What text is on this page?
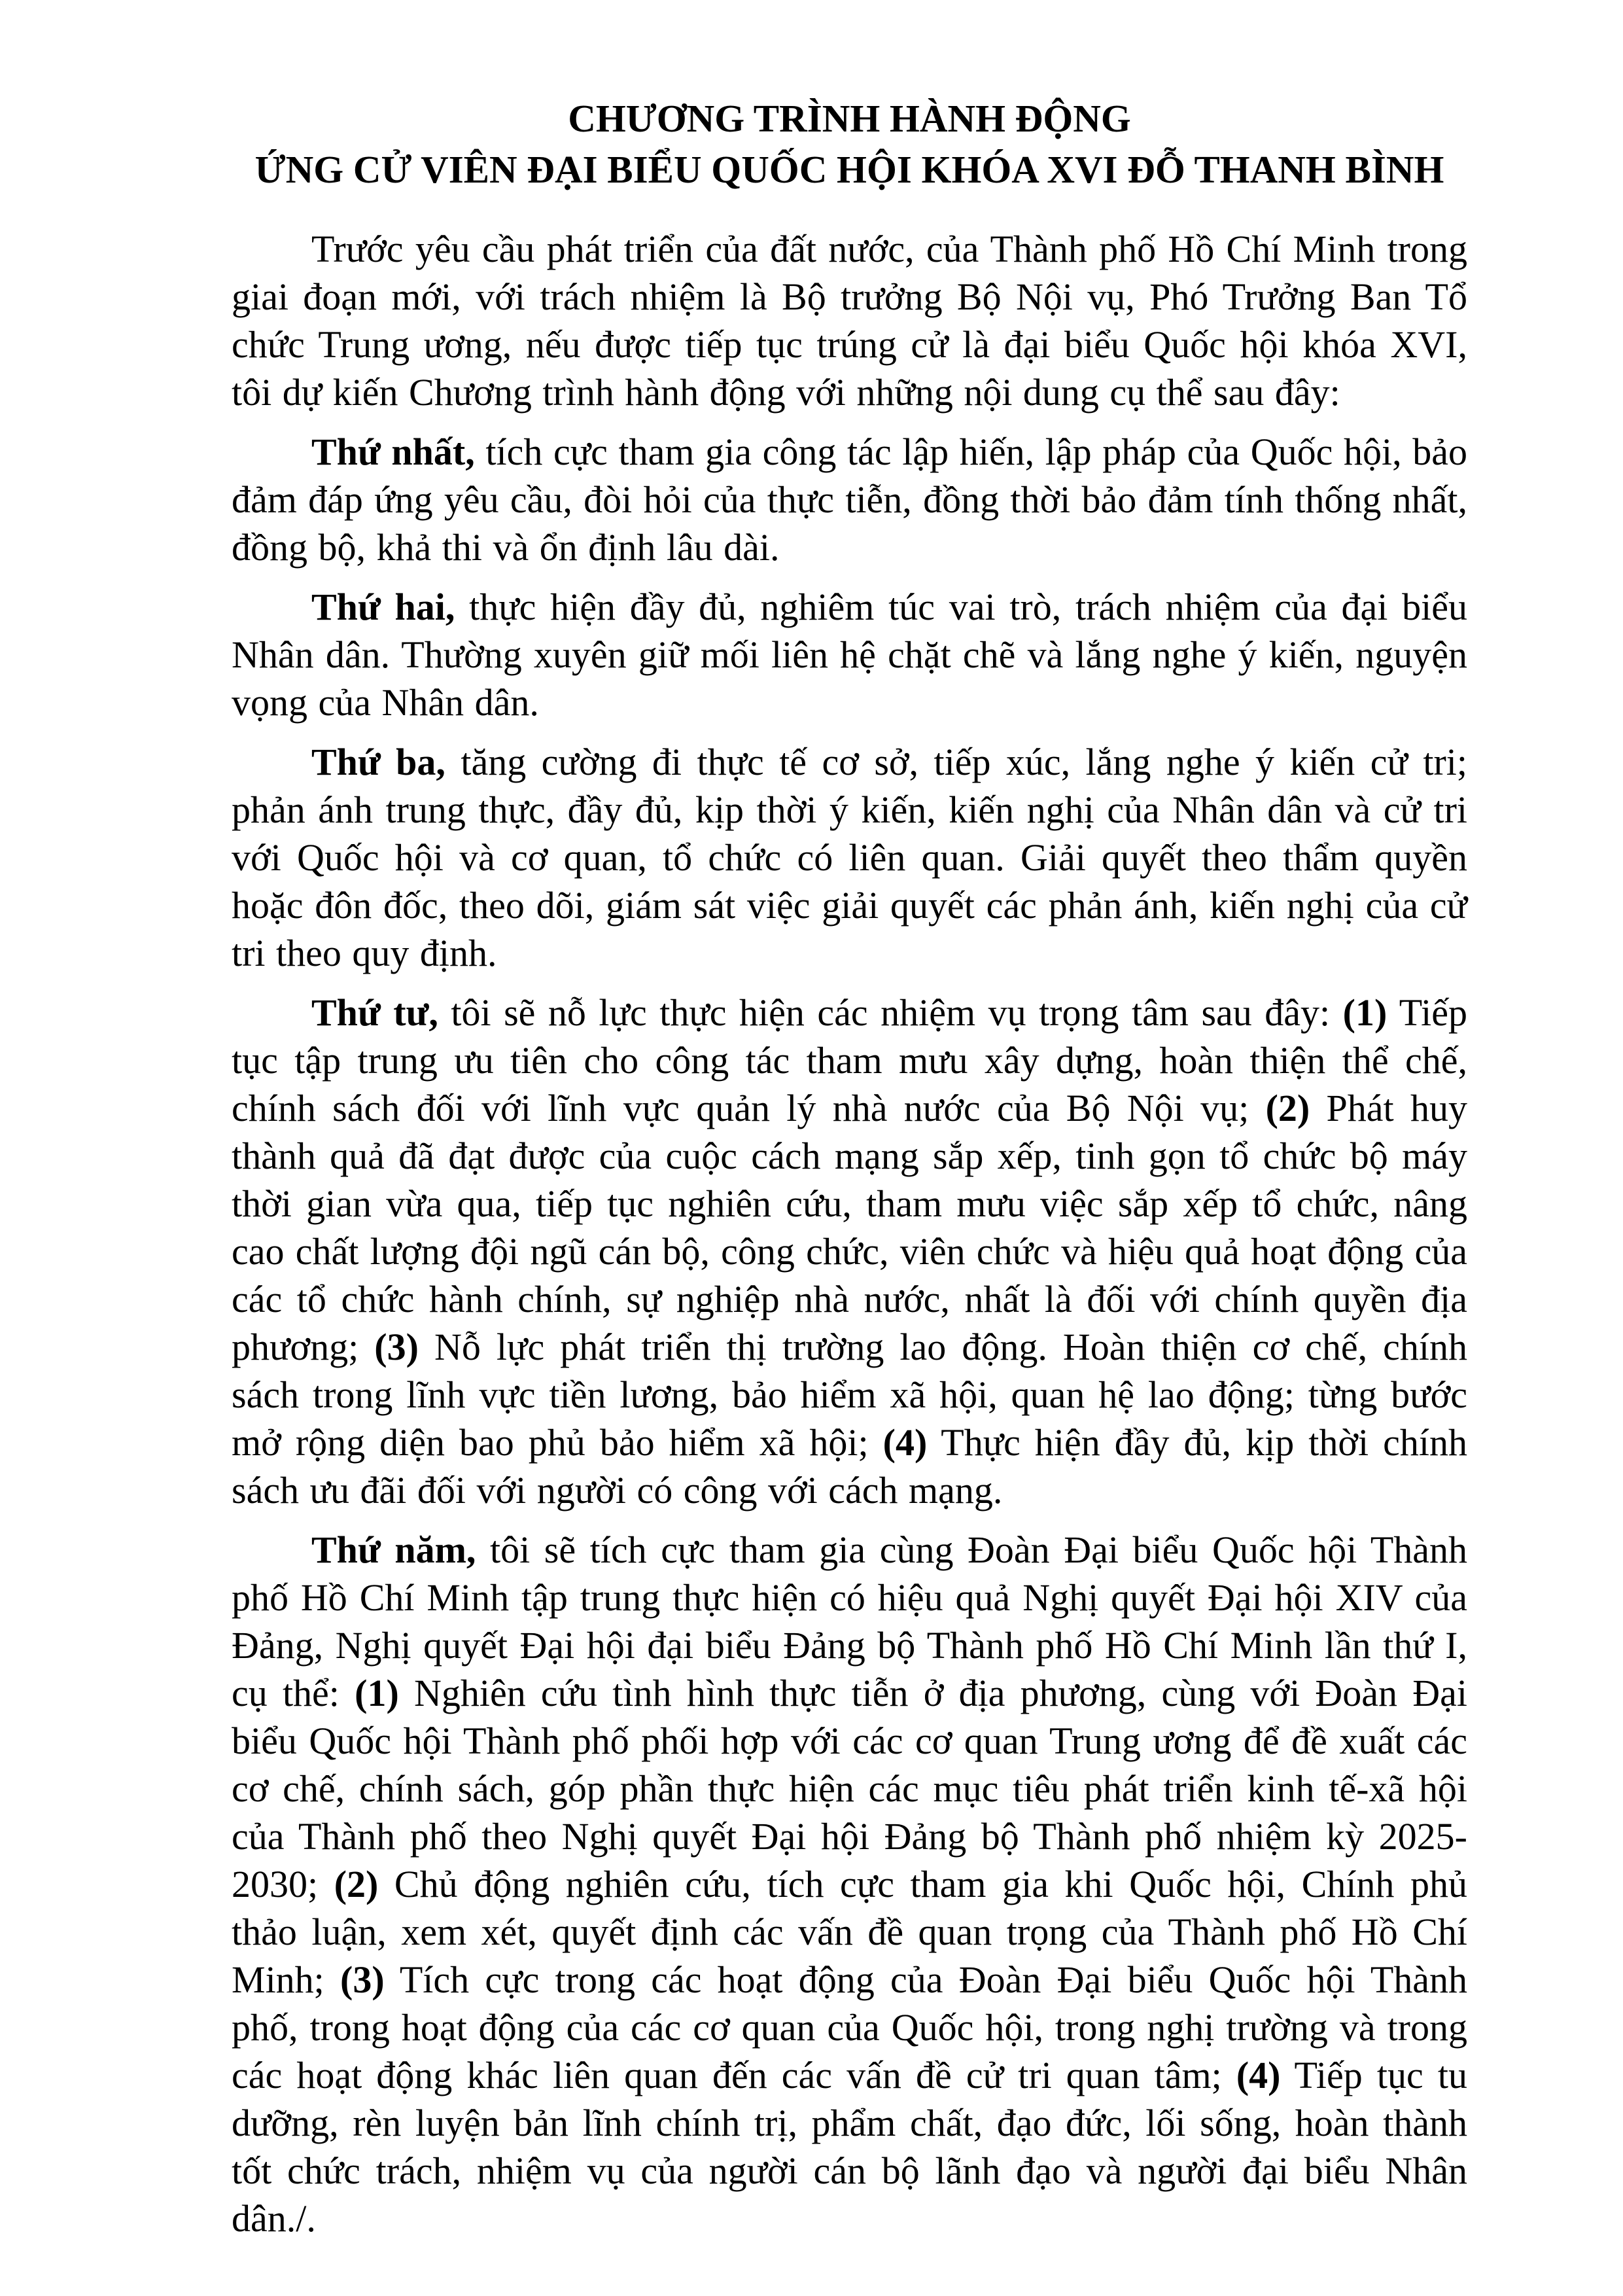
CHƯƠNG TRÌNH HÀNH ĐỘNG
ỨNG CỬ VIÊN ĐẠI BIỂU QUỐC HỘI KHÓA XVI ĐỖ THANH BÌNH

Trước yêu cầu phát triển của đất nước, của Thành phố Hồ Chí Minh trong giai đoạn mới, với trách nhiệm là Bộ trưởng Bộ Nội vụ, Phó Trưởng Ban Tổ chức Trung ương, nếu được tiếp tục trúng cử là đại biểu Quốc hội khóa XVI, tôi dự kiến Chương trình hành động với những nội dung cụ thể sau đây:

Thứ nhất, tích cực tham gia công tác lập hiến, lập pháp của Quốc hội, bảo đảm đáp ứng yêu cầu, đòi hỏi của thực tiễn, đồng thời bảo đảm tính thống nhất, đồng bộ, khả thi và ổn định lâu dài.

Thứ hai, thực hiện đầy đủ, nghiêm túc vai trò, trách nhiệm của đại biểu Nhân dân. Thường xuyên giữ mối liên hệ chặt chẽ và lắng nghe ý kiến, nguyện vọng của Nhân dân.

Thứ ba, tăng cường đi thực tế cơ sở, tiếp xúc, lắng nghe ý kiến cử tri; phản ánh trung thực, đầy đủ, kịp thời ý kiến, kiến nghị của Nhân dân và cử tri với Quốc hội và cơ quan, tổ chức có liên quan. Giải quyết theo thẩm quyền hoặc đôn đốc, theo dõi, giám sát việc giải quyết các phản ánh, kiến nghị của cử tri theo quy định.

Thứ tư, tôi sẽ nỗ lực thực hiện các nhiệm vụ trọng tâm sau đây: (1) Tiếp tục tập trung ưu tiên cho công tác tham mưu xây dựng, hoàn thiện thể chế, chính sách đối với lĩnh vực quản lý nhà nước của Bộ Nội vụ; (2) Phát huy thành quả đã đạt được của cuộc cách mạng sắp xếp, tinh gọn tổ chức bộ máy thời gian vừa qua, tiếp tục nghiên cứu, tham mưu việc sắp xếp tổ chức, nâng cao chất lượng đội ngũ cán bộ, công chức, viên chức và hiệu quả hoạt động của các tổ chức hành chính, sự nghiệp nhà nước, nhất là đối với chính quyền địa phương; (3) Nỗ lực phát triển thị trường lao động. Hoàn thiện cơ chế, chính sách trong lĩnh vực tiền lương, bảo hiểm xã hội, quan hệ lao động; từng bước mở rộng diện bao phủ bảo hiểm xã hội; (4) Thực hiện đầy đủ, kịp thời chính sách ưu đãi đối với người có công với cách mạng.

Thứ năm, tôi sẽ tích cực tham gia cùng Đoàn Đại biểu Quốc hội Thành phố Hồ Chí Minh tập trung thực hiện có hiệu quả Nghị quyết Đại hội XIV của Đảng, Nghị quyết Đại hội đại biểu Đảng bộ Thành phố Hồ Chí Minh lần thứ I, cụ thể: (1) Nghiên cứu tình hình thực tiễn ở địa phương, cùng với Đoàn Đại biểu Quốc hội Thành phố phối hợp với các cơ quan Trung ương để đề xuất các cơ chế, chính sách, góp phần thực hiện các mục tiêu phát triển kinh tế-xã hội của Thành phố theo Nghị quyết Đại hội Đảng bộ Thành phố nhiệm kỳ 2025-2030; (2) Chủ động nghiên cứu, tích cực tham gia khi Quốc hội, Chính phủ thảo luận, xem xét, quyết định các vấn đề quan trọng của Thành phố Hồ Chí Minh; (3) Tích cực trong các hoạt động của Đoàn Đại biểu Quốc hội Thành phố, trong hoạt động của các cơ quan của Quốc hội, trong nghị trường và trong các hoạt động khác liên quan đến các vấn đề cử tri quan tâm; (4) Tiếp tục tu dưỡng, rèn luyện bản lĩnh chính trị, phẩm chất, đạo đức, lối sống, hoàn thành tốt chức trách, nhiệm vụ của người cán bộ lãnh đạo và người đại biểu Nhân dân./.
